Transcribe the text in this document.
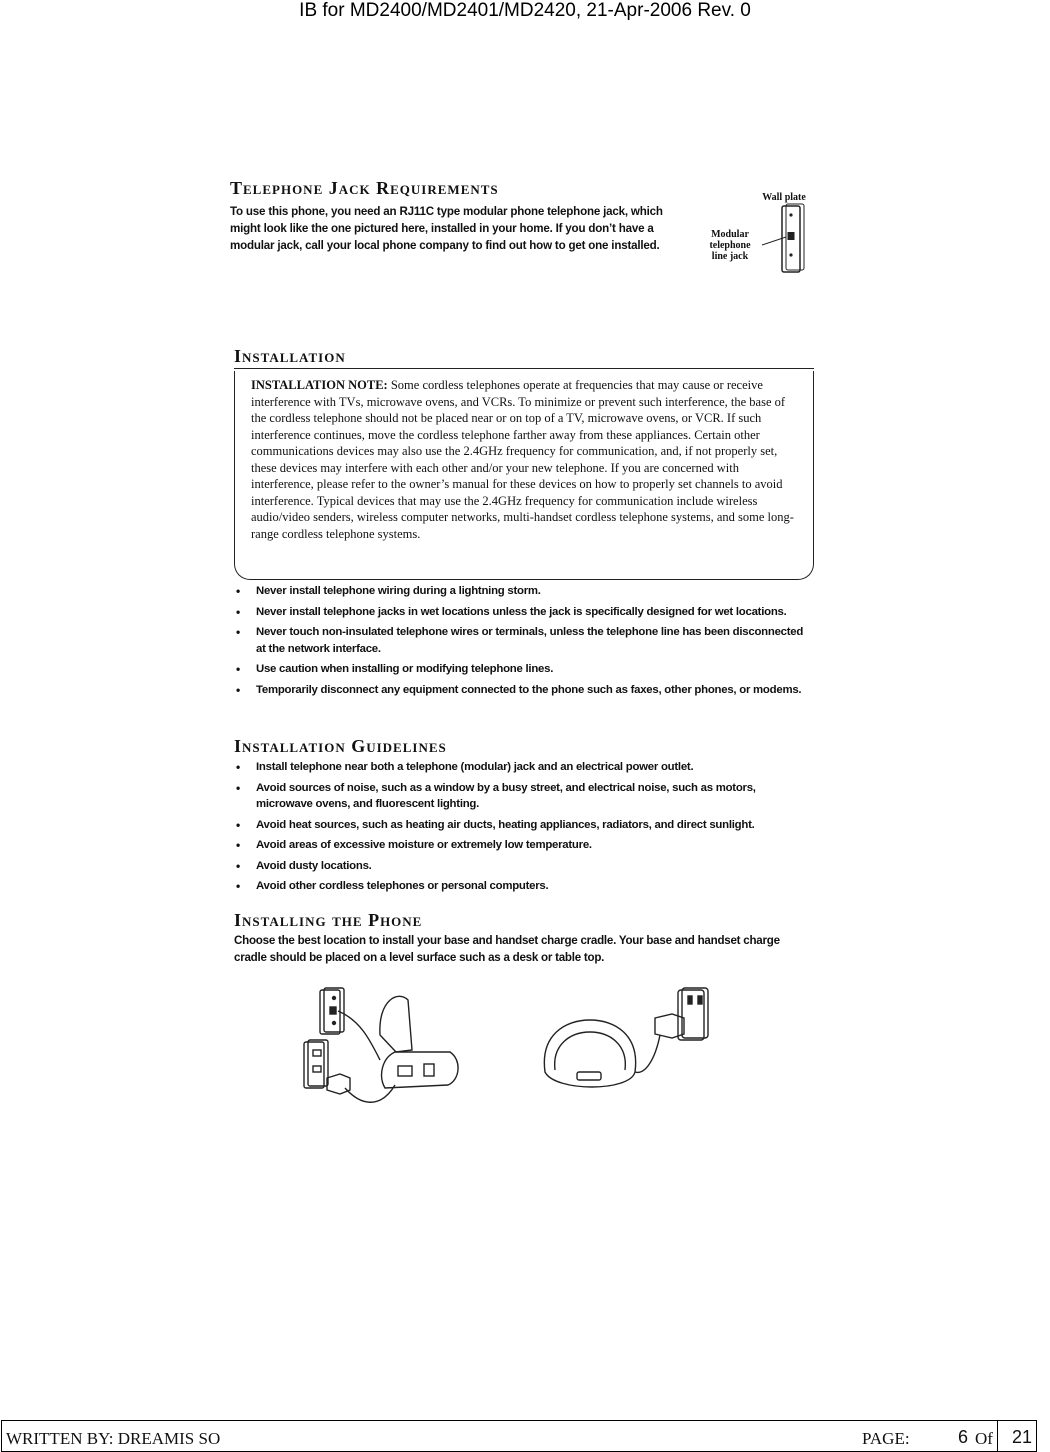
IB for MD2400/MD2401/MD2420, 21-Apr-2006 Rev. 0
Telephone Jack Requirements
To use this phone, you need an RJ11C type modular phone telephone jack, which might look like the one pictured here, installed in your home. If you don’t have a modular jack, call your local phone company to find out how to get one installed.
Wall plate
Modular
telephone
line jack
Installation
INSTALLATION NOTE: Some cordless telephones operate at frequencies that may cause or receive interference with TVs, microwave ovens, and VCRs. To minimize or prevent such interference, the base of the cordless telephone should not be placed near or on top of a TV, microwave ovens, or VCR. If such interference continues, move the cordless telephone farther away from these appliances. Certain other communications devices may also use the 2.4GHz frequency for communication, and, if not properly set, these devices may interfere with each other and/or your new telephone. If you are concerned with interference, please refer to the owner’s manual for these devices on how to properly set channels to avoid interference. Typical devices that may use the 2.4GHz frequency for communication include wireless audio/video senders, wireless computer networks, multi-handset cordless telephone systems, and some long-range cordless telephone systems.
• Never install telephone wiring during a lightning storm.
• Never install telephone jacks in wet locations unless the jack is specifically designed for wet locations.
• Never touch non-insulated telephone wires or terminals, unless the telephone line has been disconnected at the network interface.
• Use caution when installing or modifying telephone lines.
• Temporarily disconnect any equipment connected to the phone such as faxes, other phones, or modems.
Installation Guidelines
• Install telephone near both a telephone (modular) jack and an electrical power outlet.
• Avoid sources of noise, such as a window by a busy street, and electrical noise, such as motors, microwave ovens, and fluorescent lighting.
• Avoid heat sources, such as heating air ducts, heating appliances, radiators, and direct sunlight.
• Avoid areas of excessive moisture or extremely low temperature.
• Avoid dusty locations.
• Avoid other cordless telephones or personal computers.
Installing the Phone
Choose the best location to install your base and handset charge cradle. Your base and handset charge cradle should be placed on a level surface such as a desk or table top.
WRITTEN BY: DREAMIS SO	PAGE:	6 Of 21
